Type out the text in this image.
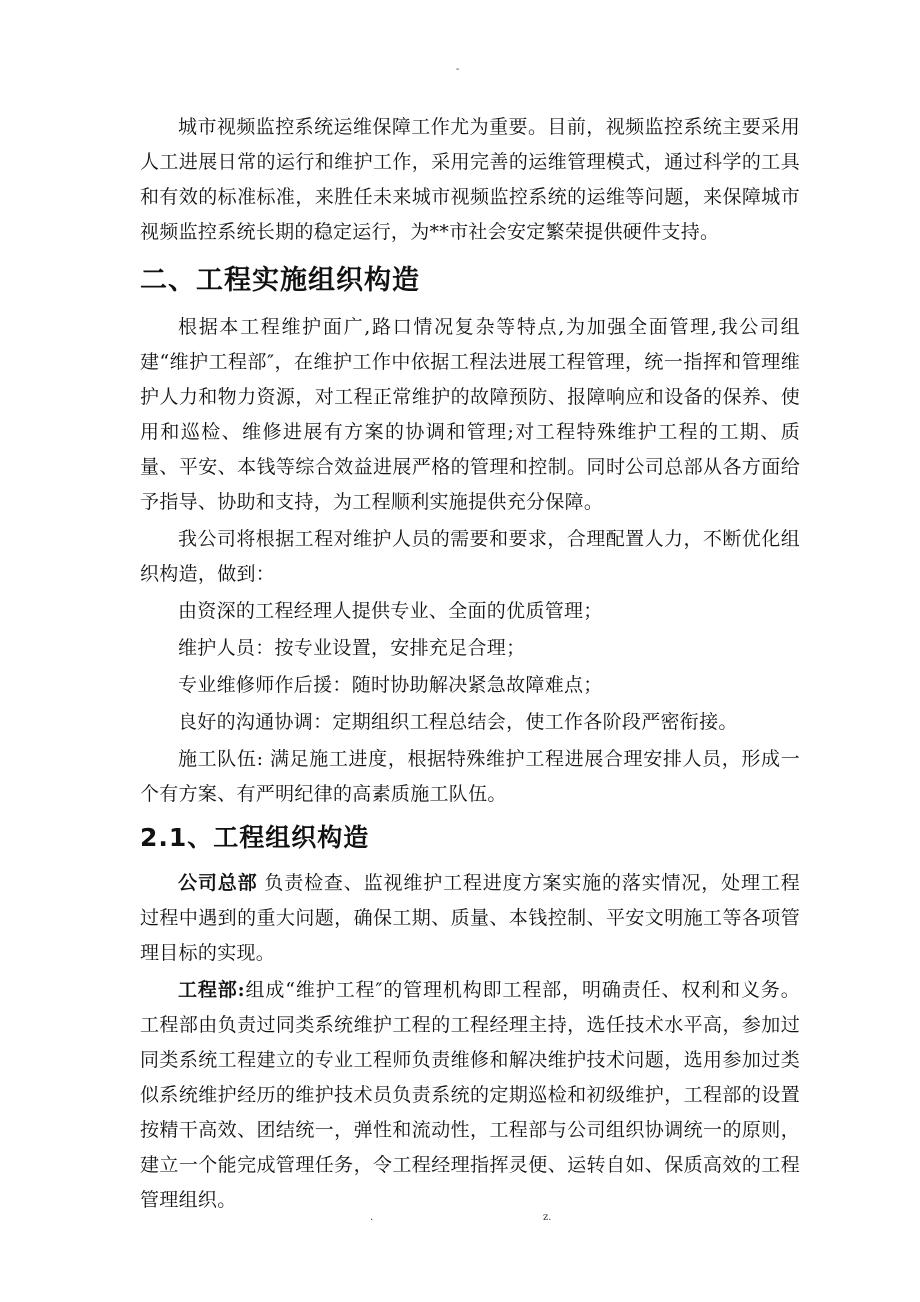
-

城市视频监控系统运维保障工作尤为重要。目前，视频监控系统主要采用人工进展日常的运行和维护工作，采用完善的运维管理模式，通过科学的工具和有效的标准标准，来胜任未来城市视频监控系统的运维等问题，来保障城市视频监控系统长期的稳定运行，为**市社会安定繁荣提供硬件支持。

二、工程实施组织构造

根据本工程维护面广,路口情况复杂等特点,为加强全面管理,我公司组建“维护工程部″，在维护工作中依据工程法进展工程管理，统一指挥和管理维护人力和物力资源，对工程正常维护的故障预防、报障响应和设备的保养、使用和巡检、维修进展有方案的协调和管理;对工程特殊维护工程的工期、质量、平安、本钱等综合效益进展严格的管理和控制。同时公司总部从各方面给予指导、协助和支持，为工程顺利实施提供充分保障。

我公司将根据工程对维护人员的需要和要求，合理配置人力，不断优化组织构造，做到：

由资深的工程经理人提供专业、全面的优质管理；

维护人员：按专业设置，安排充足合理；

专业维修师作后援：随时协助解决紧急故障难点；

良好的沟通协调：定期组织工程总结会，使工作各阶段严密衔接。

施工队伍: 满足施工进度，根据特殊维护工程进展合理安排人员，形成一个有方案、有严明纪律的高素质施工队伍。

2.1、工程组织构造

公司总部 负责检查、监视维护工程进度方案实施的落实情况，处理工程过程中遇到的重大问题，确保工期、质量、本钱控制、平安文明施工等各项管理目标的实现。

工程部:组成“维护工程″的管理机构即工程部，明确责任、权利和义务。工程部由负责过同类系统维护工程的工程经理主持，选任技术水平高，参加过同类系统工程建立的专业工程师负责维修和解决维护技术问题，选用参加过类似系统维护经历的维护技术员负责系统的定期巡检和初级维护，工程部的设置按精干高效、团结统一，弹性和流动性，工程部与公司组织协调统一的原则，建立一个能完成管理任务，令工程经理指挥灵便、运转自如、保质高效的工程管理组织。

.	z.
